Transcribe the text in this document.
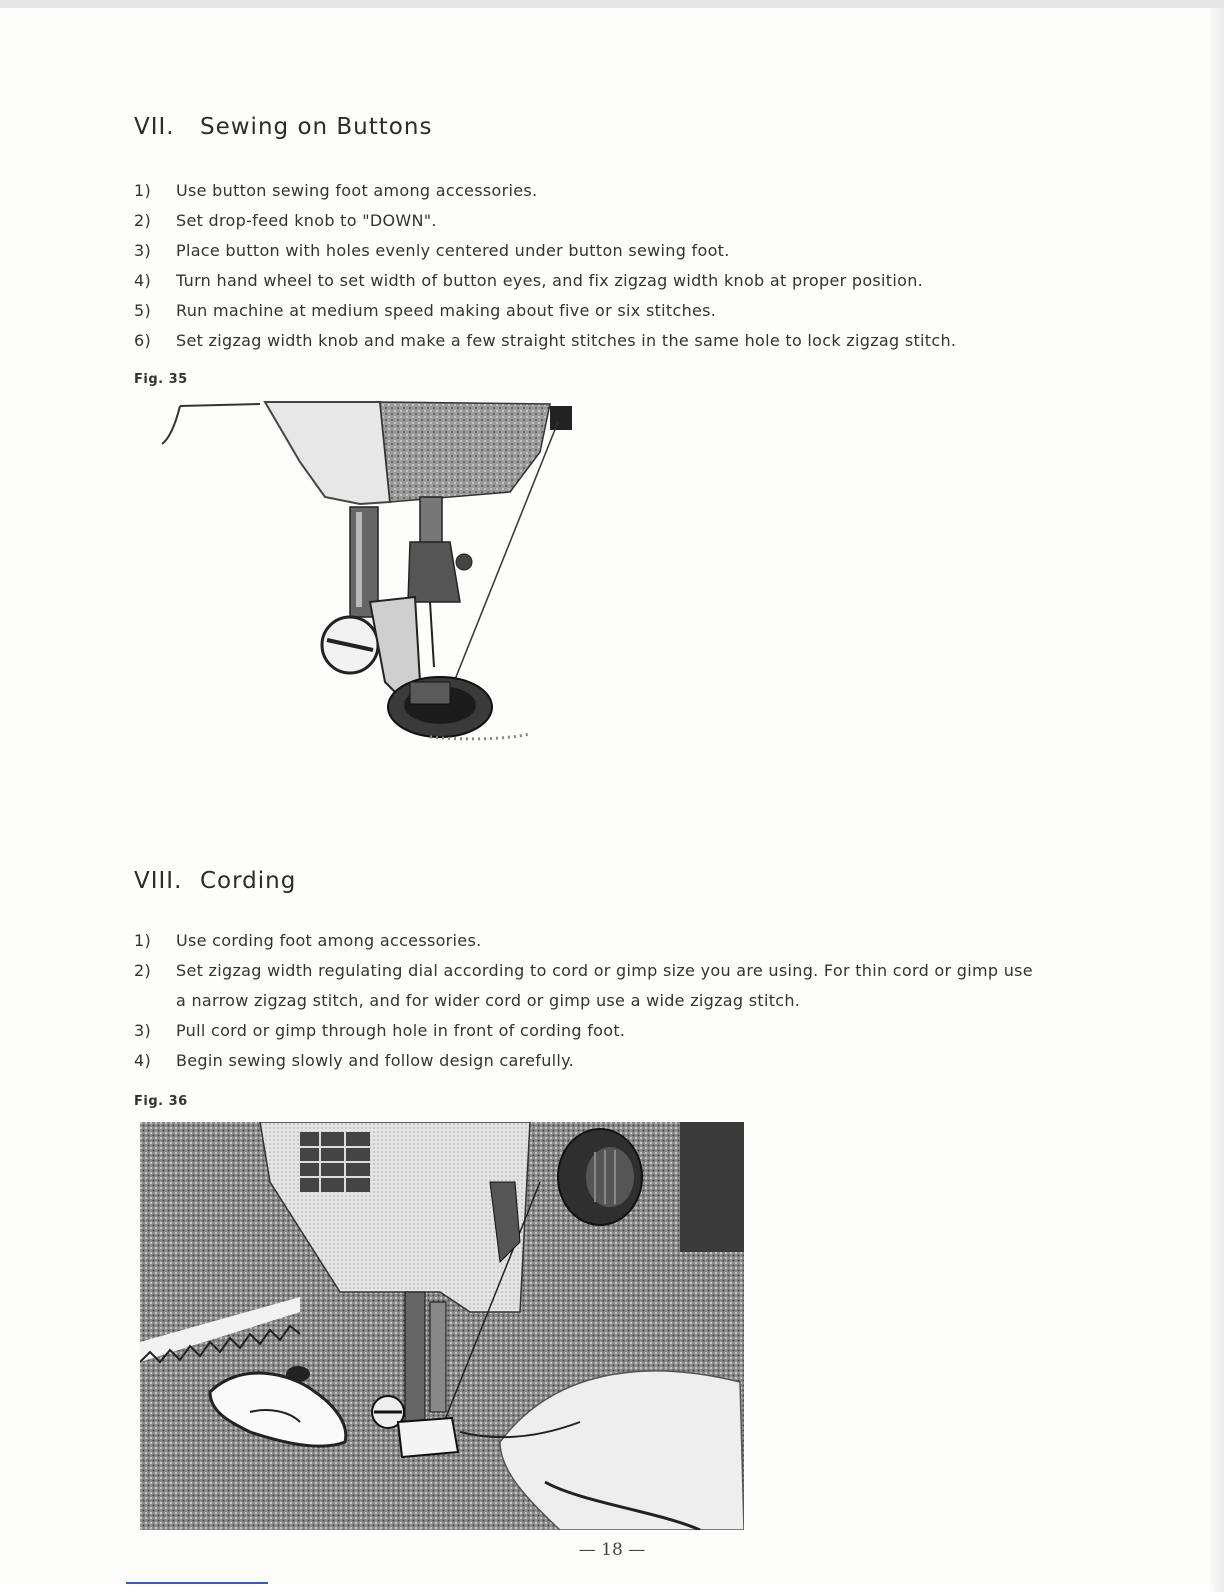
VII. Sewing on Buttons
1)	Use button sewing foot among accessories.
2)	Set drop-feed knob to "DOWN".
3)	Place button with holes evenly centered under button sewing foot.
4)	Turn hand wheel to set width of button eyes, and fix zigzag width knob at proper position.
5)	Run machine at medium speed making about five or six stitches.
6)	Set zigzag width knob and make a few straight stitches in the same hole to lock zigzag stitch.
Fig. 35
VIII. Cording
1)	Use cording foot among accessories.
2)	Set zigzag width regulating dial according to cord or gimp size you are using. For thin cord or gimp use a narrow zigzag stitch, and for wider cord or gimp use a wide zigzag stitch.
3)	Pull cord or gimp through hole in front of cording foot.
4)	Begin sewing slowly and follow design carefully.
Fig. 36
— 18 —
